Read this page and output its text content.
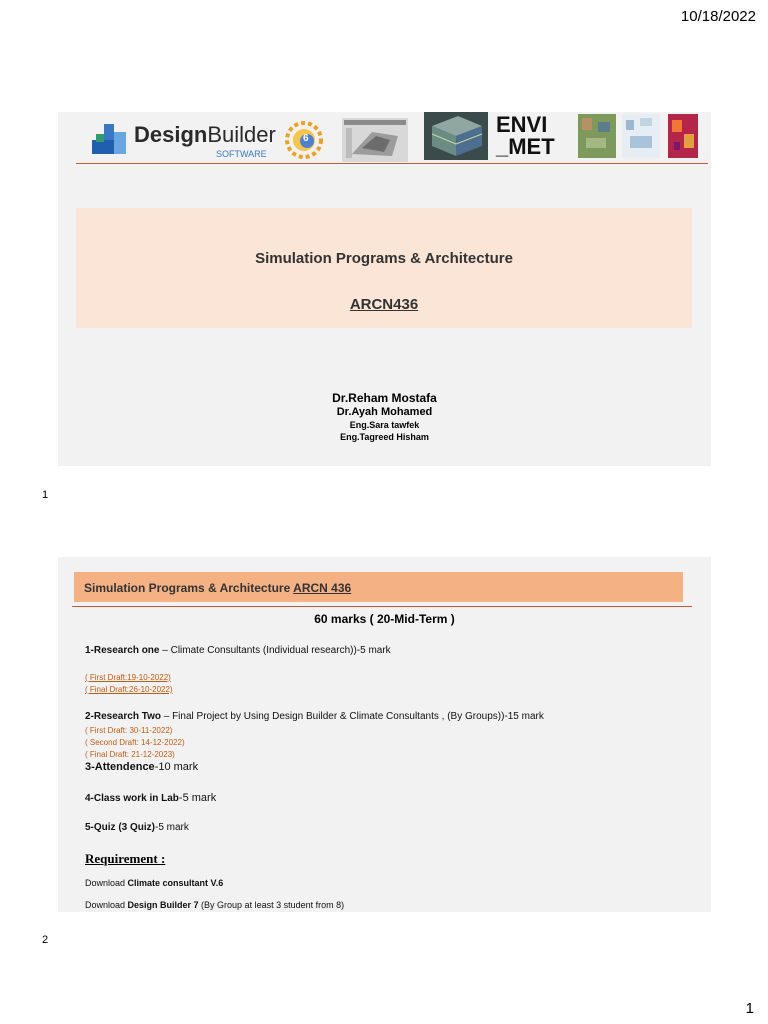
10/18/2022
1
DesignBuilder
SOFTWARE
6
ENVI
_MET
Simulation Programs & Architecture
ARCN436
Dr.Reham Mostafa
Dr.Ayah Mohamed
Eng.Sara tawfek
Eng.Tagreed Hisham
1
Simulation Programs & Architecture ARCN 436
60 marks ( 20-Mid-Term )
1-Research one – Climate Consultants (Individual research))-5 mark
( First Draft:19-10-2022)
( Final Draft:26-10-2022)
2-Research Two – Final Project by Using Design Builder & Climate Consultants , (By Groups))-15 mark
( First Draft: 30-11-2022)
( Second Draft: 14-12-2022)
( Final Draft: 21-12-2023)
3-Attendence-10 mark
4-Class work in Lab-5 mark
5-Quiz (3 Quiz)-5 mark
Requirement :
Download Climate consultant V.6
Download Design Builder 7 (By Group at least 3 student from 8)
2
